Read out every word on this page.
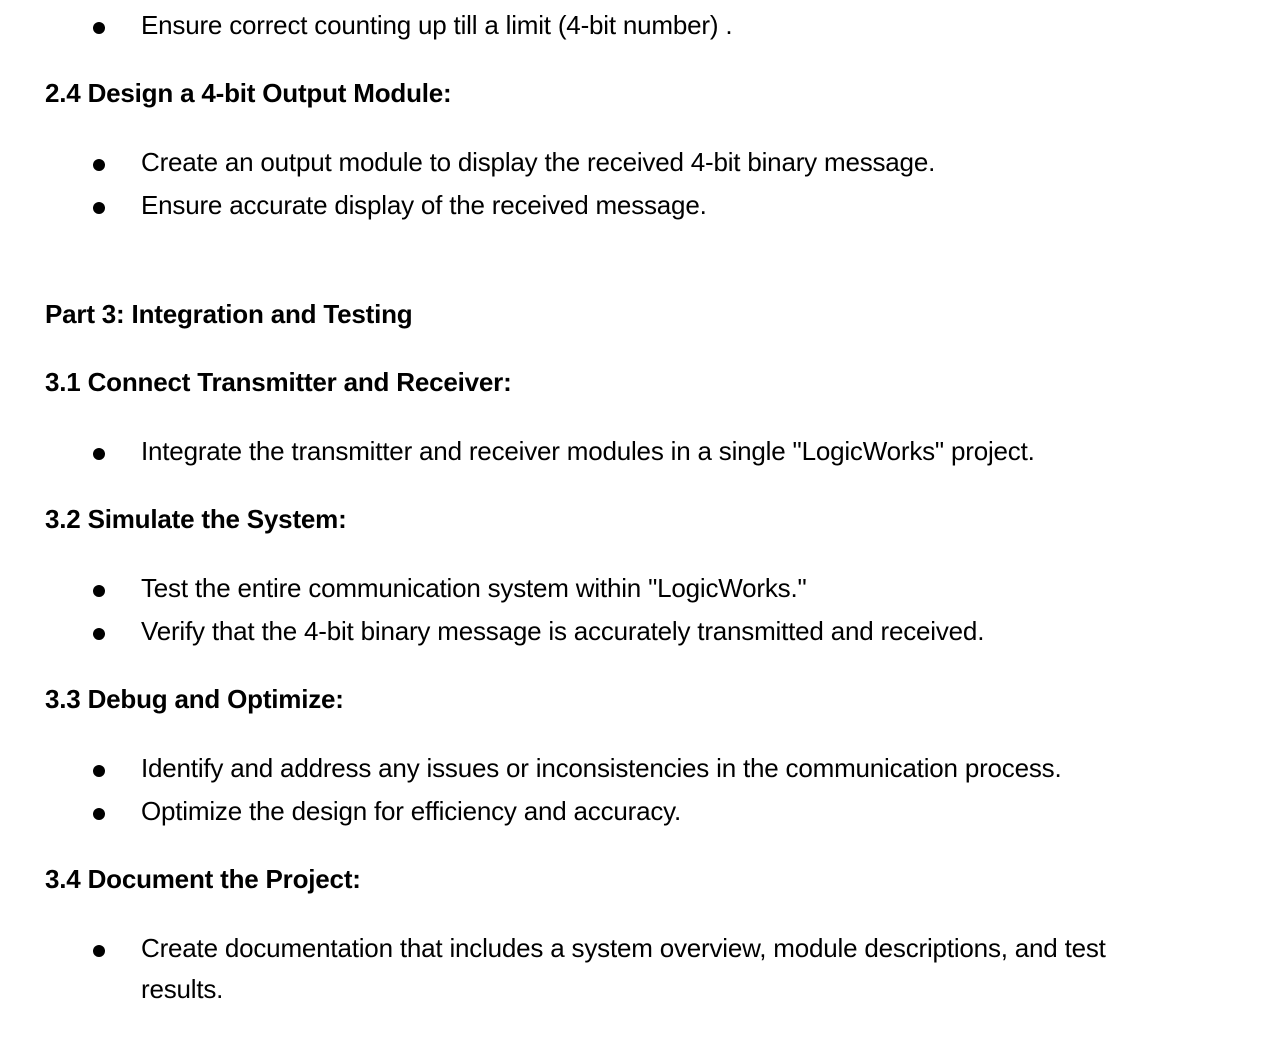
Ensure correct counting up till a limit (4-bit number) .
2.4 Design a 4-bit Output Module:
Create an output module to display the received 4-bit binary message.
Ensure accurate display of the received message.
Part 3: Integration and Testing
3.1 Connect Transmitter and Receiver:
Integrate the transmitter and receiver modules in a single "LogicWorks" project.
3.2 Simulate the System:
Test the entire communication system within "LogicWorks."
Verify that the 4-bit binary message is accurately transmitted and received.
3.3 Debug and Optimize:
Identify and address any issues or inconsistencies in the communication process.
Optimize the design for efficiency and accuracy.
3.4 Document the Project:
Create documentation that includes a system overview, module descriptions, and test
results.
